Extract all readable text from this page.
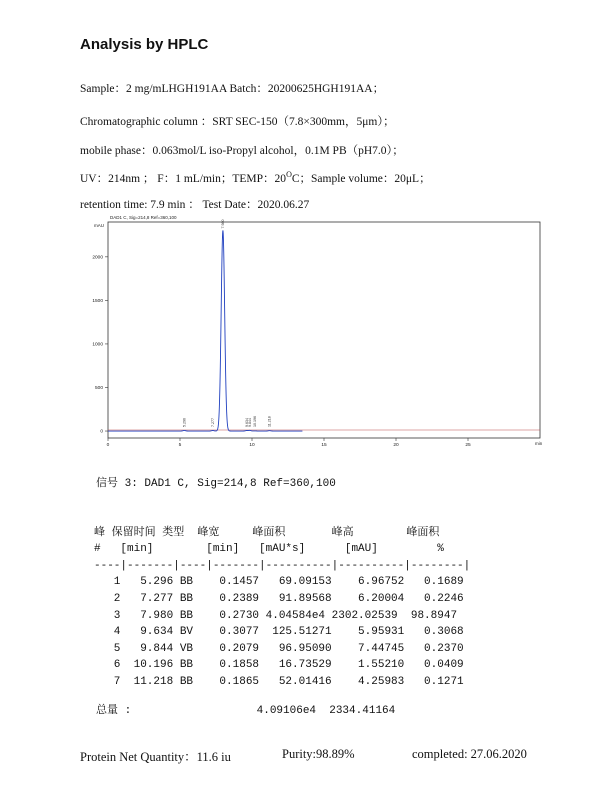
Analysis by HPLC
Sample：2 mg/mLHGH191AA Batch：20200625HGH191AA；
Chromatographic column ：SRT SEC-150（7.8×300mm，5μm）；
mobile phase：0.063mol/L iso-Propyl alcohol，0.1M PB（pH7.0）；
UV：214nm ； F：1 mL/min；TEMP：$20^OC$；Sample volume：20μL；
retention time: 7.9 min ： Test Date：2020.06.27
DAD1 C, Sig=214,8 Ref=360,100
mAU
min
0
500
1000
1500
2000
0	5	10	15	20	25
5.296	7.277
7.980
9.634 9.844 10.196	11.218
信号 3: DAD1 C, Sig=214,8 Ref=360,100

峰 保留时间 类型  峰宽     峰面积       峰高        峰面积
#   [min]        [min]   [mAU*s]      [mAU]         %
----|-------|----|-------|----------|----------|--------|
1   5.296 BB    0.1457   69.09153    6.96752   0.1689
2   7.277 BB    0.2389   91.89568    6.20004   0.2246
3   7.980 BB    0.2730 4.04584e4 2302.02539  98.8947
4   9.634 BV    0.3077  125.51271    5.95931   0.3068
5   9.844 VB    0.2079   96.95090    7.44745   0.2370
6  10.196 BB    0.1858   16.73529    1.55210   0.0409
7  11.218 BB    0.1865   52.01416    4.25983   0.1271

总量 :                   4.09106e4  2334.41164
Protein Net Quantity：11.6 iu	Purity:98.89%	completed: 27.06.2020
